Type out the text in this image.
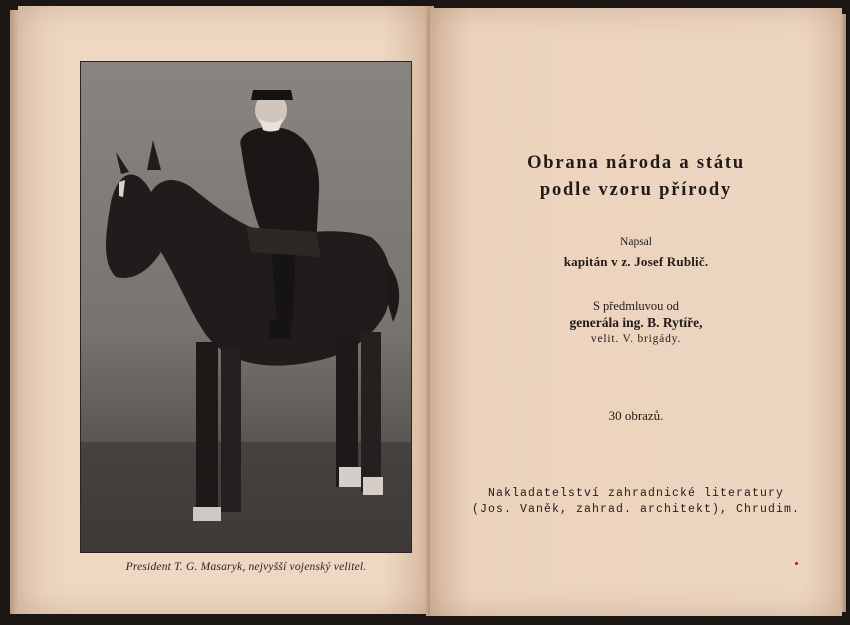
President T. G. Masaryk, nejvyšší vojenský velitel.
Obrana národa a státu
podle vzoru přírody
Napsal
kapitán v z. Josef Rublič.
S předmluvou od
generála ing. B. Rytíře,
velit. V. brigády.
30 obrazů.
Nakladatelství zahradnické literatury
(Jos. Vaněk, zahrad. architekt), Chrudim.
